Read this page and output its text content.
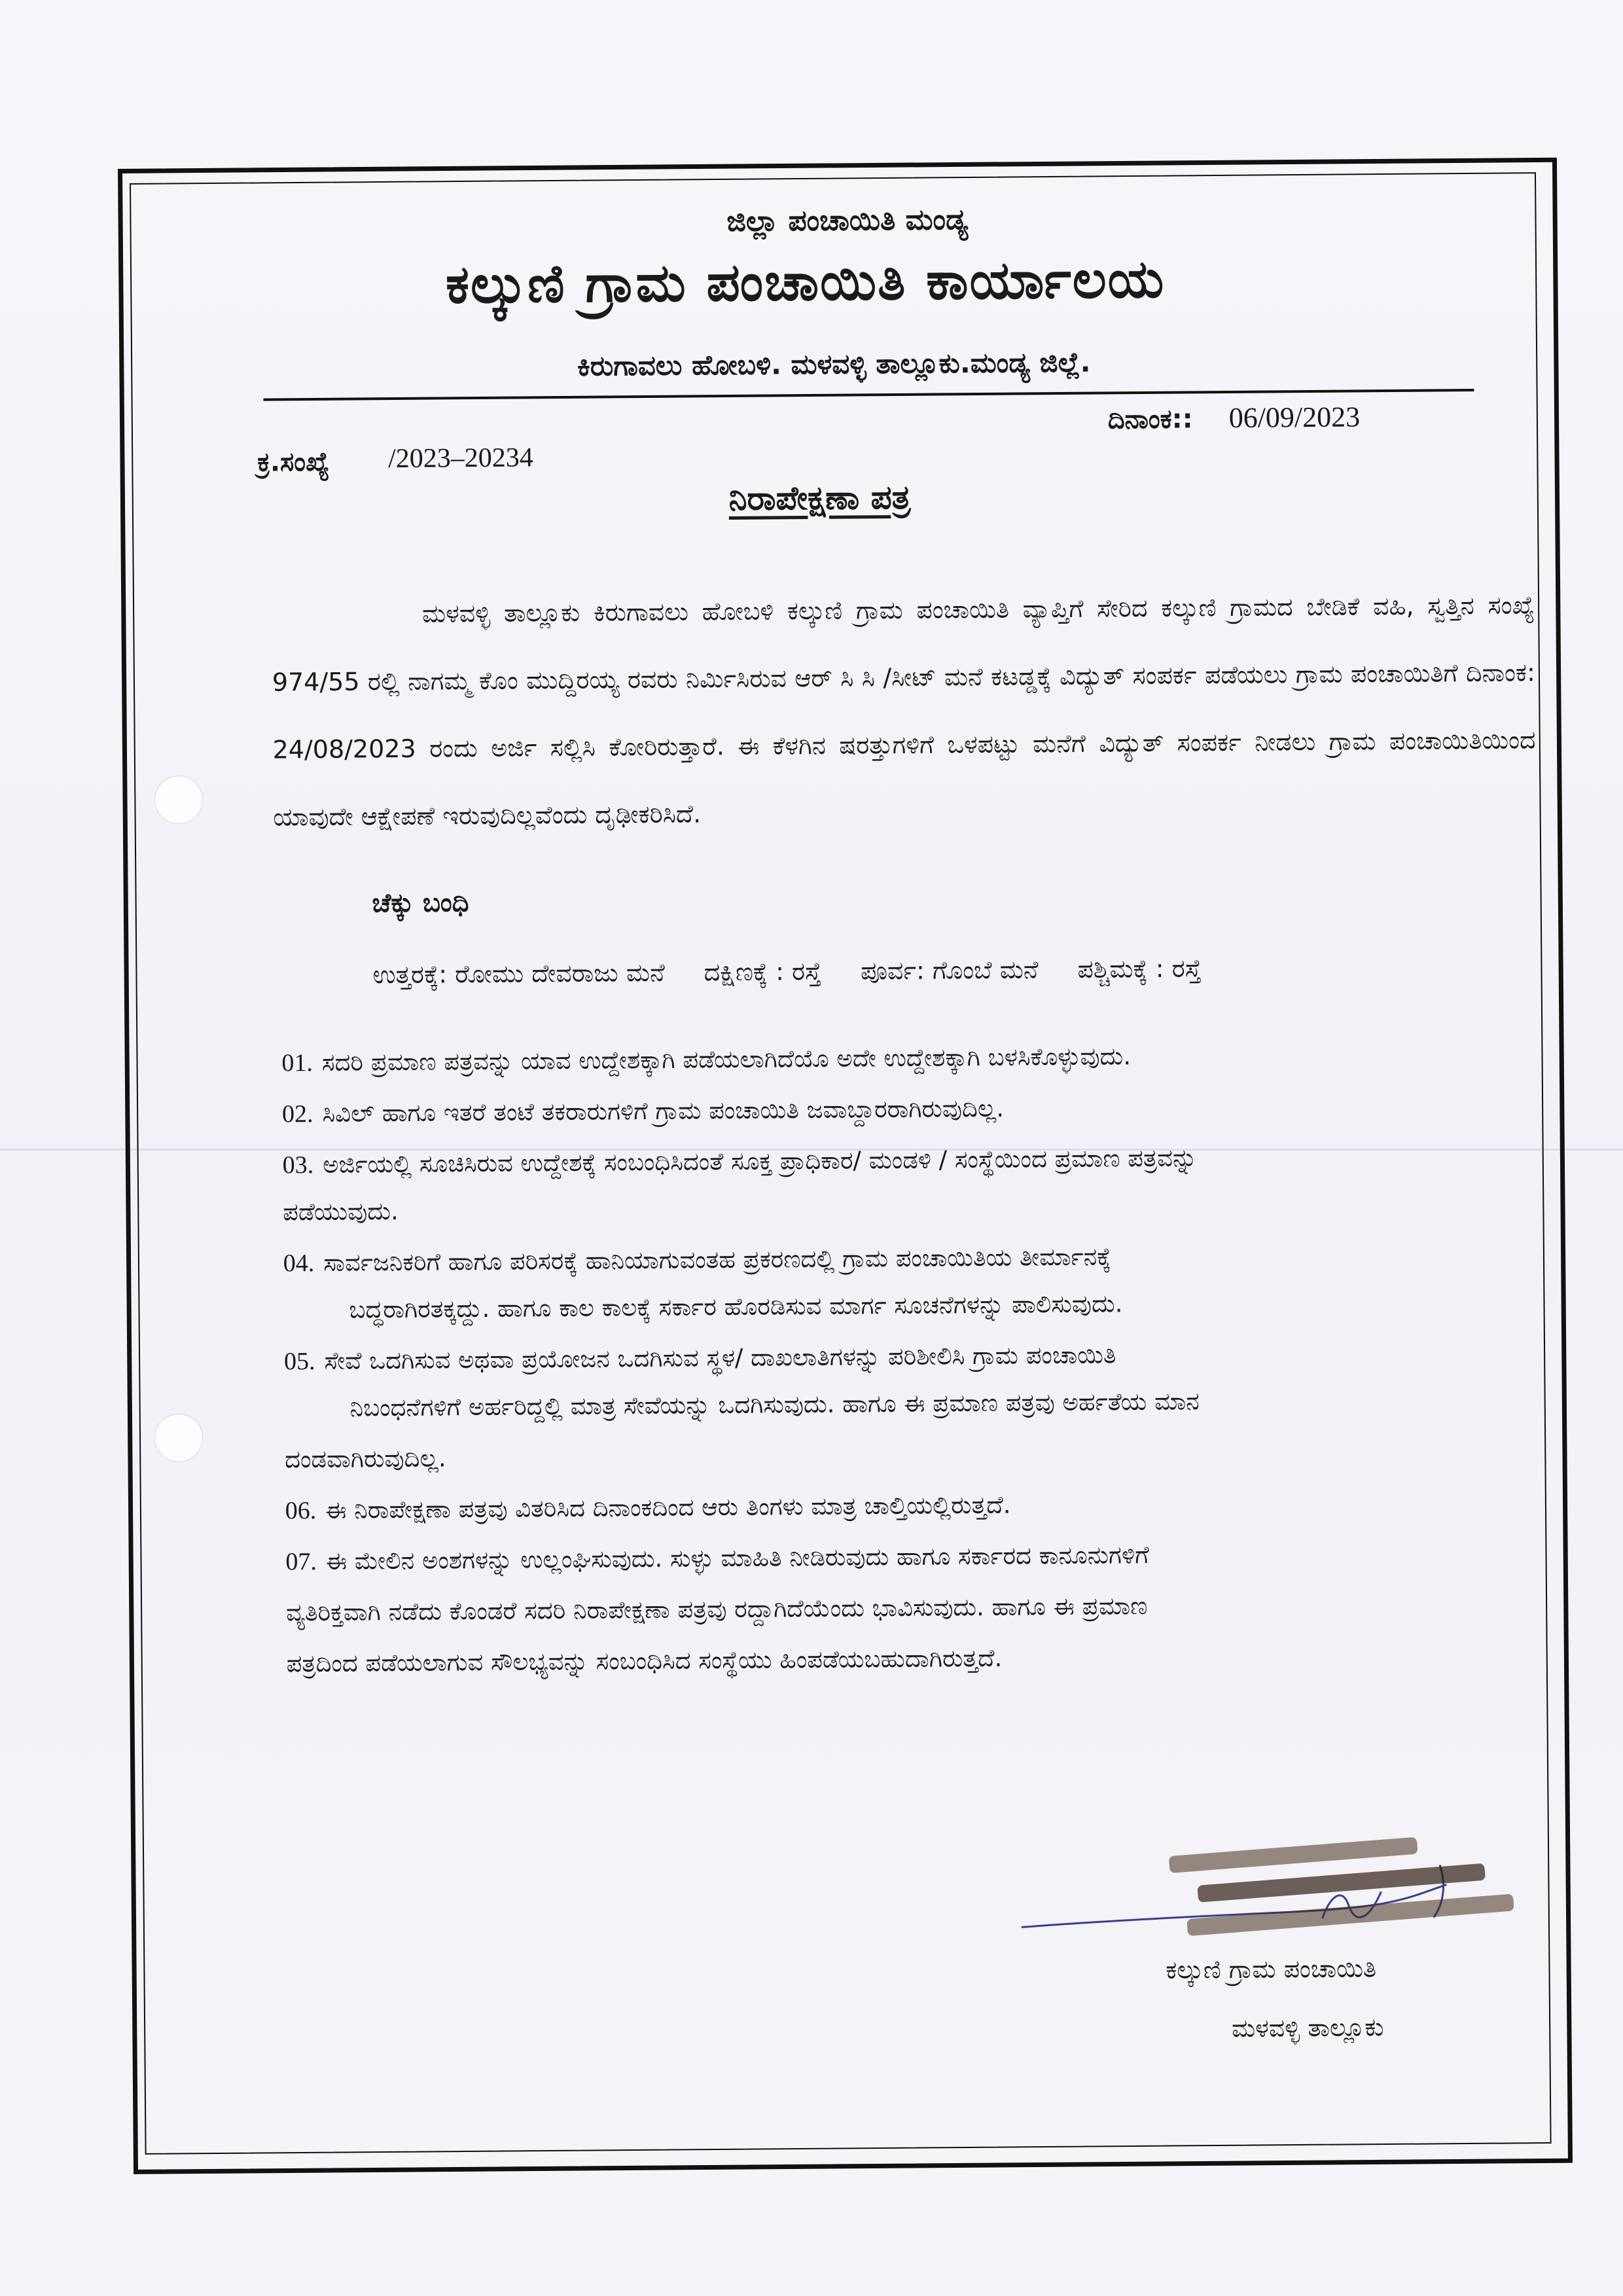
ಜಿಲ್ಲಾ ಪಂಚಾಯಿತಿ ಮಂಡ್ಯ
ಕಲ್ಕುಣಿ ಗ್ರಾಮ ಪಂಚಾಯಿತಿ ಕಾರ್ಯಾಲಯ
ಕಿರುಗಾವಲು ಹೋಬಳಿ. ಮಳವಳ್ಳಿ ತಾಲ್ಲೂಕು.ಮಂಡ್ಯ ಜಿಲ್ಲೆ.
ದಿನಾಂಕ:: 06/09/2023
ಕ್ರ.ಸಂಖ್ಯೆ /2023–20234
ನಿರಾಪೇಕ್ಷಣಾ ಪತ್ರ
ಮಳವಳ್ಳಿ ತಾಲ್ಲೂಕು ಕಿರುಗಾವಲು ಹೋಬಳಿ ಕಲ್ಕುಣಿ ಗ್ರಾಮ ಪಂಚಾಯಿತಿ ವ್ಯಾಪ್ತಿಗೆ ಸೇರಿದ ಕಲ್ಕುಣಿ ಗ್ರಾಮದ ಬೇಡಿಕೆ ವಹಿ, ಸ್ವತ್ತಿನ ಸಂಖ್ಯೆ 974/55 ರಲ್ಲಿ ನಾಗಮ್ಮ ಕೊಂ ಮುದ್ದಿರಯ್ಯ ರವರು ನಿರ್ಮಿಸಿರುವ ಆರ್ ಸಿ ಸಿ /ಸೀಟ್ ಮನೆ ಕಟಡ್ಡಕ್ಕೆ ವಿದ್ಯುತ್ ಸಂಪರ್ಕ ಪಡೆಯಲು ಗ್ರಾಮ ಪಂಚಾಯಿತಿಗೆ ದಿನಾಂಕ: 24/08/2023 ರಂದು ಅರ್ಜಿ ಸಲ್ಲಿಸಿ ಕೋರಿರುತ್ತಾರೆ. ಈ ಕೆಳಗಿನ ಷರತ್ತುಗಳಿಗೆ ಒಳಪಟ್ಟು ಮನೆಗೆ ವಿದ್ಯುತ್ ಸಂಪರ್ಕ ನೀಡಲು ಗ್ರಾಮ ಪಂಚಾಯಿತಿಯಿಂದ ಯಾವುದೇ ಆಕ್ಷೇಪಣೆ ಇರುವುದಿಲ್ಲವೆಂದು ದೃಢೀಕರಿಸಿದೆ.
ಚೆಕ್ಕು ಬಂಧಿ
ಉತ್ತರಕ್ಕೆ: ರೋಮು ದೇವರಾಜು ಮನೆ ದಕ್ಷಿಣಕ್ಕೆ : ರಸ್ತೆ ಪೂರ್ವ: ಗೊಂಬೆ ಮನೆ ಪಶ್ಚಿಮಕ್ಕೆ : ರಸ್ತೆ
01. ಸದರಿ ಪ್ರಮಾಣ ಪತ್ರವನ್ನು ಯಾವ ಉದ್ದೇಶಕ್ಕಾಗಿ ಪಡೆಯಲಾಗಿದೆಯೊ ಅದೇ ಉದ್ದೇಶಕ್ಕಾಗಿ ಬಳಸಿಕೊಳ್ಳುವುದು.
02. ಸಿವಿಲ್ ಹಾಗೂ ಇತರೆ ತಂಟೆ ತಕರಾರುಗಳಿಗೆ ಗ್ರಾಮ ಪಂಚಾಯಿತಿ ಜವಾಬ್ದಾರರಾಗಿರುವುದಿಲ್ಲ.
03. ಅರ್ಜಿಯಲ್ಲಿ ಸೂಚಿಸಿರುವ ಉದ್ದೇಶಕ್ಕೆ ಸಂಬಂಧಿಸಿದಂತೆ ಸೂಕ್ತ ಪ್ರಾಧಿಕಾರ/ ಮಂಡಳಿ / ಸಂಸ್ಥೆಯಿಂದ ಪ್ರಮಾಣ ಪತ್ರವನ್ನು
ಪಡೆಯುವುದು.
04. ಸಾರ್ವಜನಿಕರಿಗೆ ಹಾಗೂ ಪರಿಸರಕ್ಕೆ ಹಾನಿಯಾಗುವಂತಹ ಪ್ರಕರಣದಲ್ಲಿ ಗ್ರಾಮ ಪಂಚಾಯಿತಿಯ ತೀರ್ಮಾನಕ್ಕೆ
ಬದ್ಧರಾಗಿರತಕ್ಕದ್ದು. ಹಾಗೂ ಕಾಲ ಕಾಲಕ್ಕೆ ಸರ್ಕಾರ ಹೊರಡಿಸುವ ಮಾರ್ಗ ಸೂಚನೆಗಳನ್ನು ಪಾಲಿಸುವುದು.
05. ಸೇವೆ ಒದಗಿಸುವ ಅಥವಾ ಪ್ರಯೋಜನ ಒದಗಿಸುವ ಸ್ಥಳ/ ದಾಖಲಾತಿಗಳನ್ನು ಪರಿಶೀಲಿಸಿ ಗ್ರಾಮ ಪಂಚಾಯಿತಿ
ನಿಬಂಧನೆಗಳಿಗೆ ಅರ್ಹರಿದ್ದಲ್ಲಿ ಮಾತ್ರ ಸೇವೆಯನ್ನು ಒದಗಿಸುವುದು. ಹಾಗೂ ಈ ಪ್ರಮಾಣ ಪತ್ರವು ಅರ್ಹತೆಯ ಮಾನ
ದಂಡವಾಗಿರುವುದಿಲ್ಲ.
06. ಈ ನಿರಾಪೇಕ್ಷಣಾ ಪತ್ರವು ವಿತರಿಸಿದ ದಿನಾಂಕದಿಂದ ಆರು ತಿಂಗಳು ಮಾತ್ರ ಚಾಲ್ತಿಯಲ್ಲಿರುತ್ತದೆ.
07. ಈ ಮೇಲಿನ ಅಂಶಗಳನ್ನು ಉಲ್ಲಂಘಿಸುವುದು. ಸುಳ್ಳು ಮಾಹಿತಿ ನೀಡಿರುವುದು ಹಾಗೂ ಸರ್ಕಾರದ ಕಾನೂನುಗಳಿಗೆ
ವ್ಯತಿರಿಕ್ತವಾಗಿ ನಡೆದು ಕೊಂಡರೆ ಸದರಿ ನಿರಾಪೇಕ್ಷಣಾ ಪತ್ರವು ರದ್ದಾಗಿದೆಯೆಂದು ಭಾವಿಸುವುದು. ಹಾಗೂ ಈ ಪ್ರಮಾಣ
ಪತ್ರದಿಂದ ಪಡೆಯಲಾಗುವ ಸೌಲಭ್ಯವನ್ನು ಸಂಬಂಧಿಸಿದ ಸಂಸ್ಥೆಯು ಹಿಂಪಡೆಯಬಹುದಾಗಿರುತ್ತದೆ.
ಕಲ್ಕುಣಿ ಗ್ರಾಮ ಪಂಚಾಯಿತಿ
ಮಳವಳ್ಳಿ ತಾಲ್ಲೂಕು
